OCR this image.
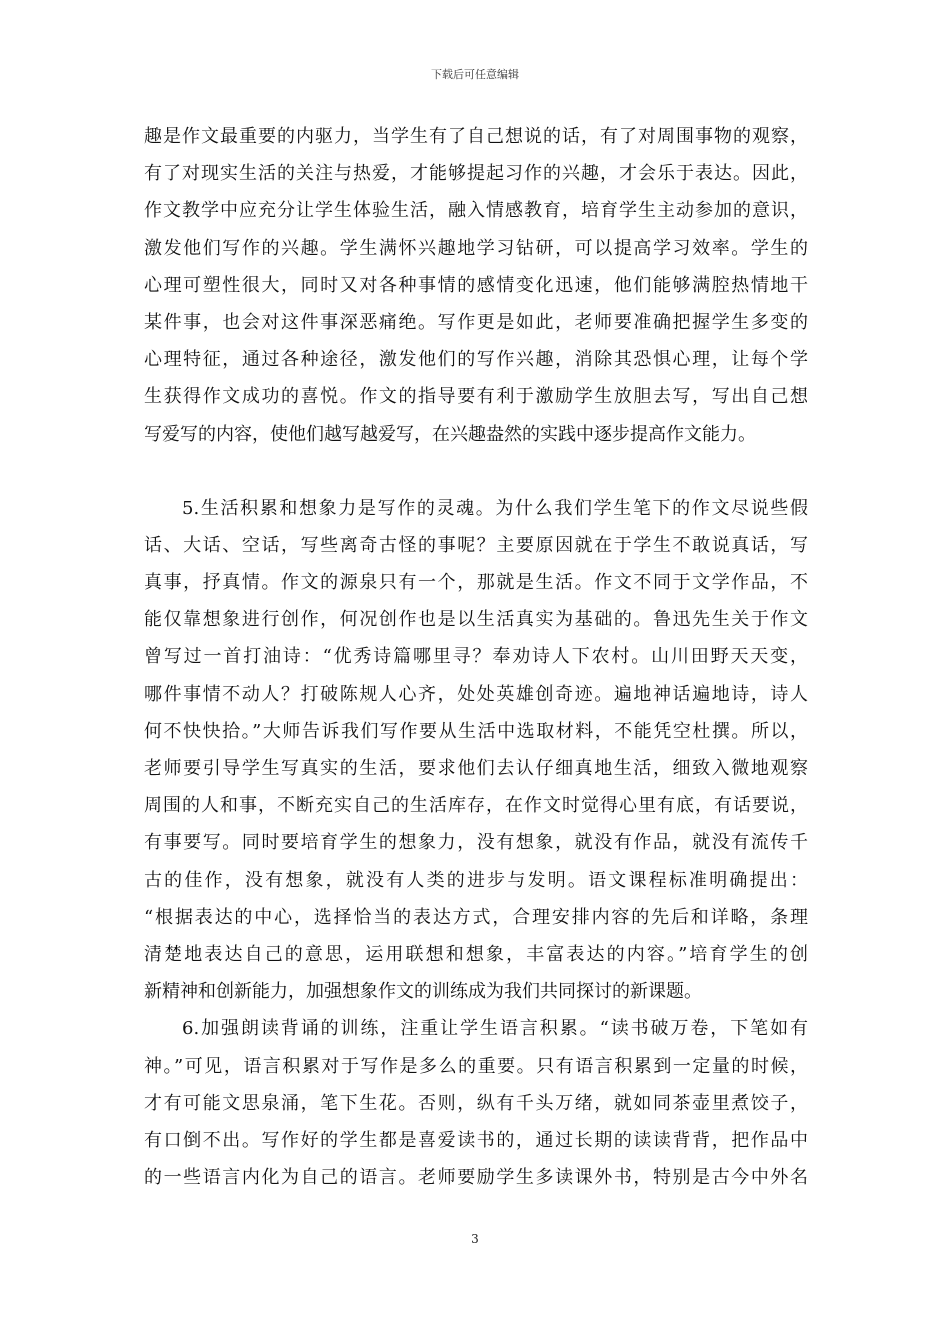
下载后可任意编辑
趣是作文最重要的内驱力，当学生有了自己想说的话，有了对周围事物的观察，
有了对现实生活的关注与热爱，才能够提起习作的兴趣，才会乐于表达。因此，
作文教学中应充分让学生体验生活，融入情感教育，培育学生主动参加的意识，
激发他们写作的兴趣。学生满怀兴趣地学习钻研，可以提高学习效率。学生的
心理可塑性很大，同时又对各种事情的感情变化迅速，他们能够满腔热情地干
某件事，也会对这件事深恶痛绝。写作更是如此，老师要准确把握学生多变的
心理特征，通过各种途径，激发他们的写作兴趣，消除其恐惧心理，让每个学
生获得作文成功的喜悦。作文的指导要有利于激励学生放胆去写，写出自己想
写爱写的内容，使他们越写越爱写，在兴趣盎然的实践中逐步提高作文能力。
5.生活积累和想象力是写作的灵魂。为什么我们学生笔下的作文尽说些假
话、大话、空话，写些离奇古怪的事呢？主要原因就在于学生不敢说真话，写
真事，抒真情。作文的源泉只有一个，那就是生活。作文不同于文学作品，不
能仅靠想象进行创作，何况创作也是以生活真实为基础的。鲁迅先生关于作文
曾写过一首打油诗：“优秀诗篇哪里寻？奉劝诗人下农村。山川田野天天变，
哪件事情不动人？打破陈规人心齐，处处英雄创奇迹。遍地神话遍地诗，诗人
何不快快拾。”大师告诉我们写作要从生活中选取材料，不能凭空杜撰。所以，
老师要引导学生写真实的生活，要求他们去认仔细真地生活，细致入微地观察
周围的人和事，不断充实自己的生活库存，在作文时觉得心里有底，有话要说，
有事要写。同时要培育学生的想象力，没有想象，就没有作品，就没有流传千
古的佳作，没有想象，就没有人类的进步与发明。语文课程标准明确提出：
“根据表达的中心，选择恰当的表达方式，合理安排内容的先后和详略，条理
清楚地表达自己的意思，运用联想和想象，丰富表达的内容。”培育学生的创
新精神和创新能力，加强想象作文的训练成为我们共同探讨的新课题。
6.加强朗读背诵的训练，注重让学生语言积累。“读书破万卷，下笔如有
神。”可见，语言积累对于写作是多么的重要。只有语言积累到一定量的时候，
才有可能文思泉涌，笔下生花。否则，纵有千头万绪，就如同茶壶里煮饺子，
有口倒不出。写作好的学生都是喜爱读书的，通过长期的读读背背，把作品中
的一些语言内化为自己的语言。老师要励学生多读课外书，特别是古今中外名
3
